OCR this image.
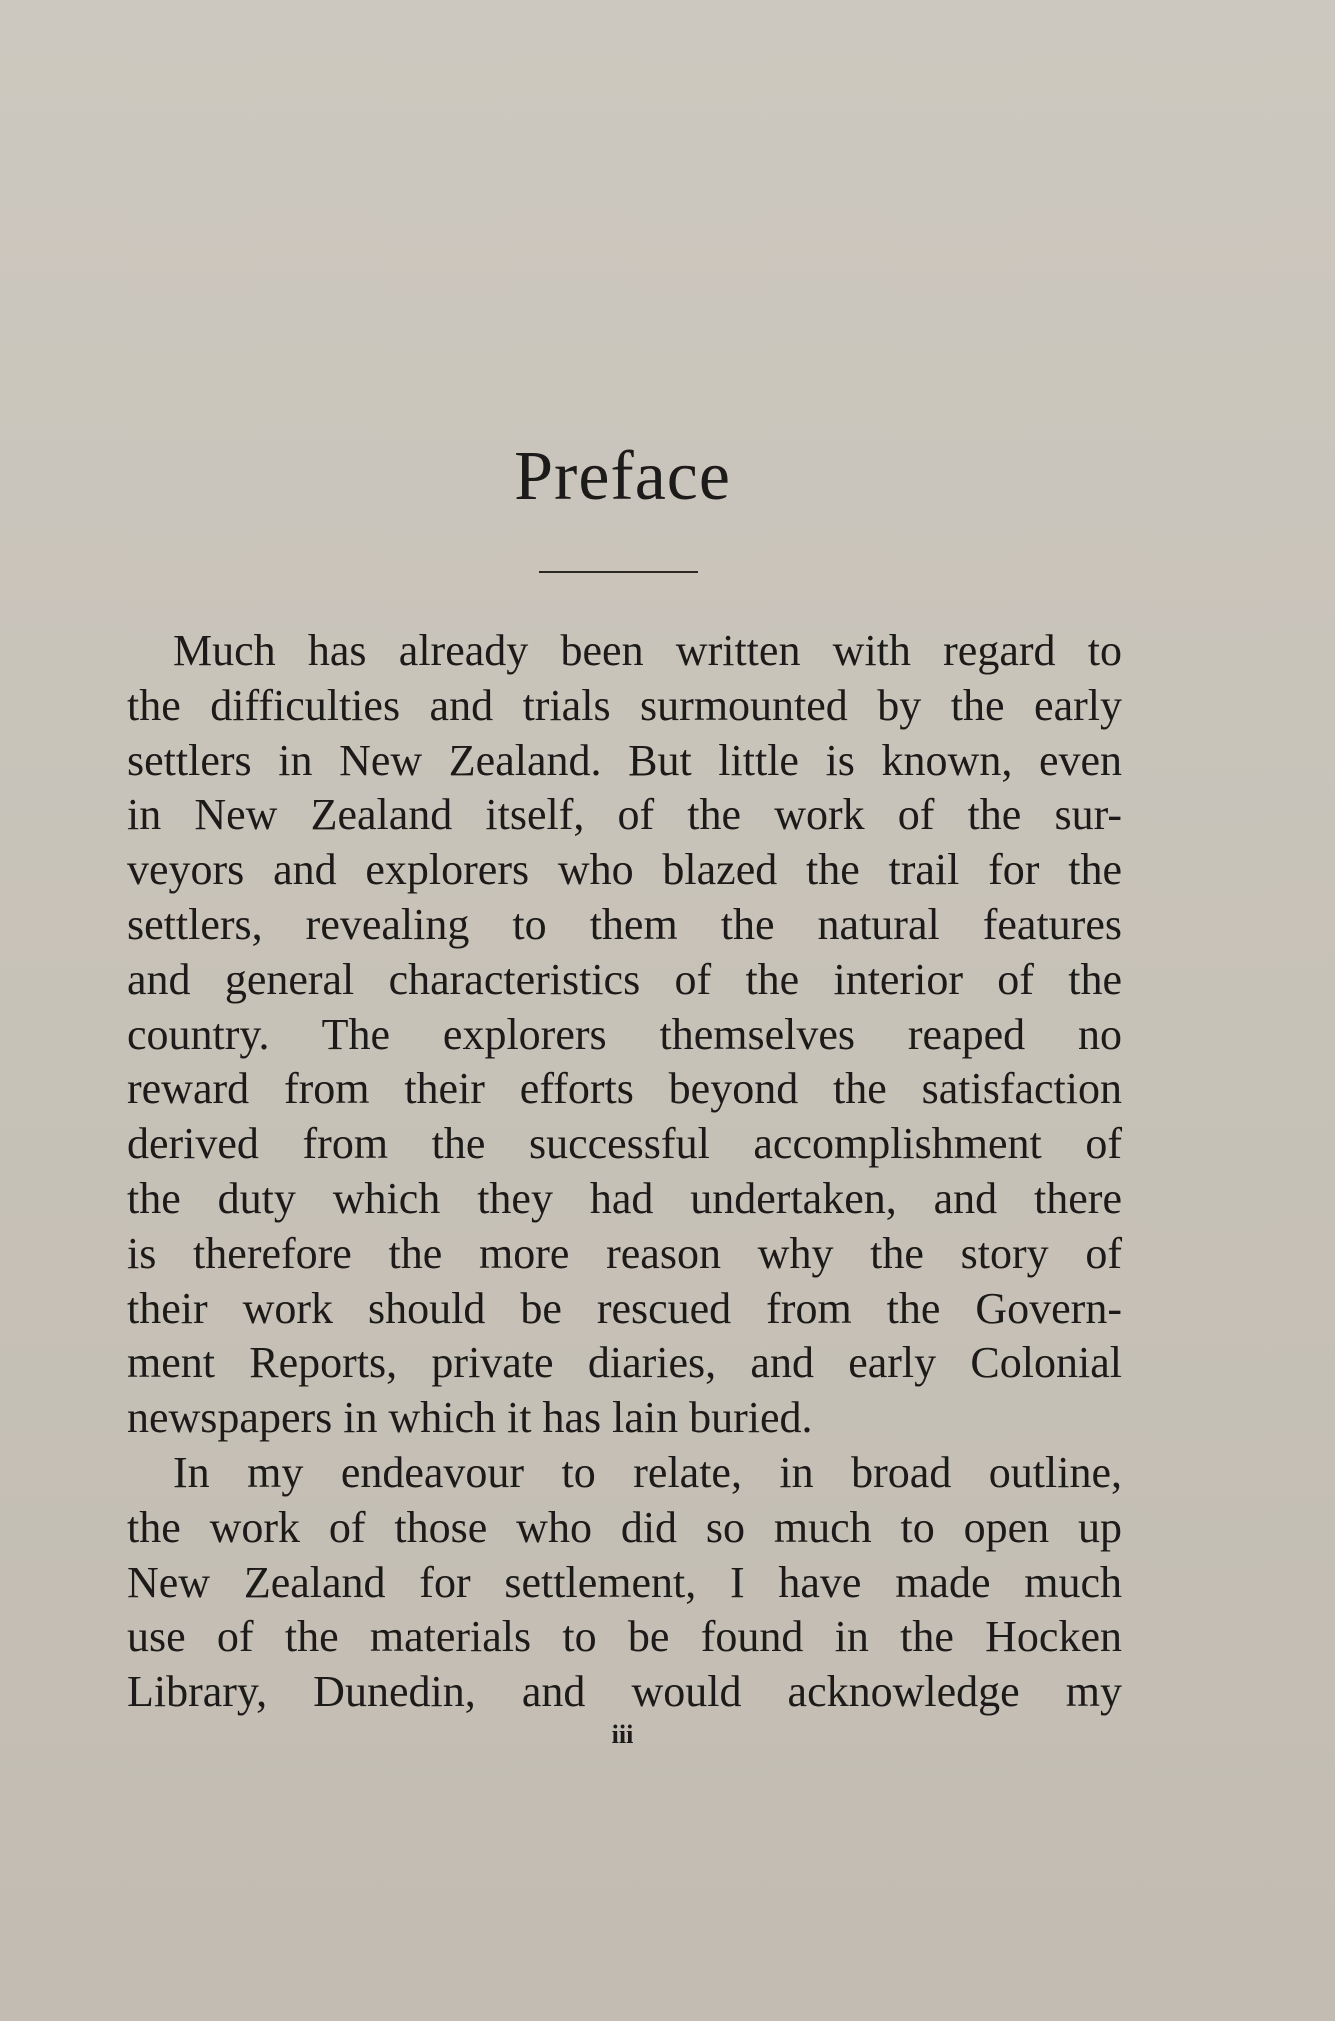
Preface
Much has already been written with regard to
the difficulties and trials surmounted by the early
settlers in New Zealand. But little is known, even
in New Zealand itself, of the work of the sur-
veyors and explorers who blazed the trail for the
settlers, revealing to them the natural features
and general characteristics of the interior of the
country. The explorers themselves reaped no
reward from their efforts beyond the satisfaction
derived from the successful accomplishment of
the duty which they had undertaken, and there
is therefore the more reason why the story of
their work should be rescued from the Govern-
ment Reports, private diaries, and early Colonial
newspapers in which it has lain buried.
In my endeavour to relate, in broad outline,
the work of those who did so much to open up
New Zealand for settlement, I have made much
use of the materials to be found in the Hocken
Library, Dunedin, and would acknowledge my
iii
